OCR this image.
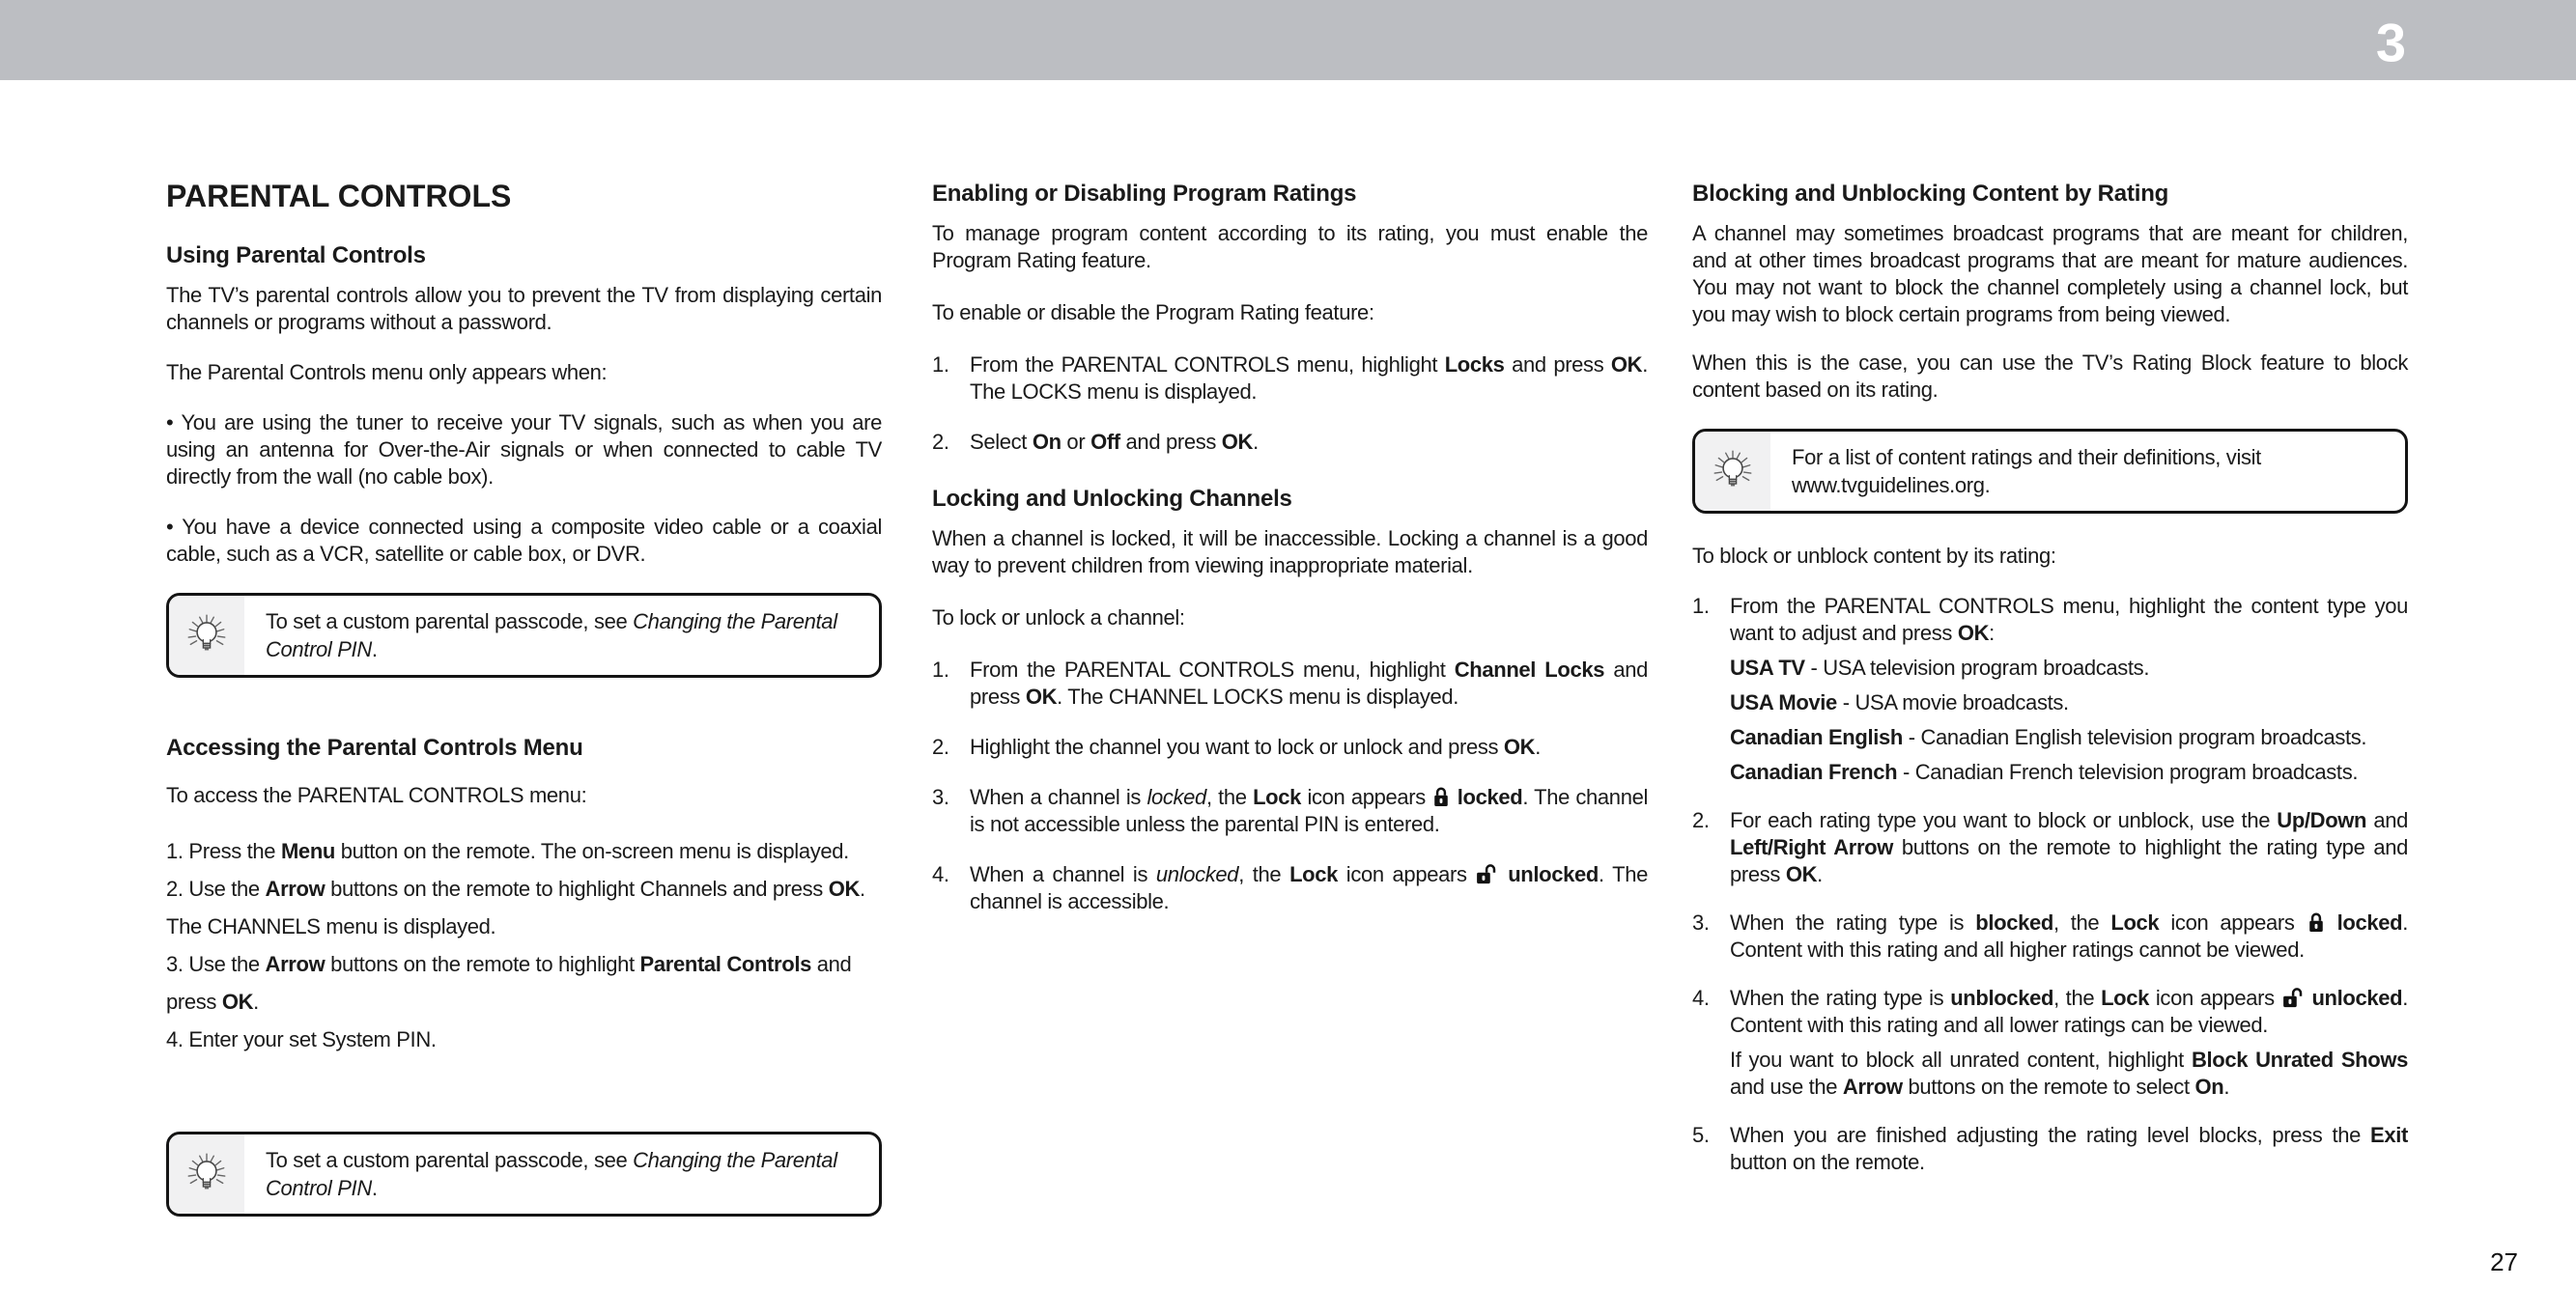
3
PARENTAL CONTROLS
Using Parental Controls

The TV’s parental controls allow you to prevent the TV from displaying certain channels or programs without a password.

The Parental Controls menu only appears when:

• You are using the tuner to receive your TV signals, such as when you are using an antenna for Over-the-Air signals or when connected to cable TV directly from the wall (no cable box).

• You have a device connected using a composite video cable or a coaxial cable, such as a VCR, satellite or cable box, or DVR.

To set a custom parental passcode, see Changing the Parental Control PIN.

Accessing the Parental Controls Menu

To access the PARENTAL CONTROLS menu:

1. Press the Menu button on the remote. The on-screen menu is displayed.

2. Use the Arrow buttons on the remote to highlight Channels and press OK. The CHANNELS menu is displayed.

3. Use the Arrow buttons on the remote to highlight Parental Controls and press OK.

4. Enter your set System PIN.

To set a custom parental passcode, see Changing the Parental Control PIN.

Enabling or Disabling Program Ratings

To manage program content according to its rating, you must enable the Program Rating feature.

To enable or disable the Program Rating feature:

1. From the PARENTAL CONTROLS menu, highlight Locks and press OK. The LOCKS menu is displayed.

2. Select On or Off and press OK.

Locking and Unlocking Channels

When a channel is locked, it will be inaccessible. Locking a channel is a good way to prevent children from viewing inappropriate material.

To lock or unlock a channel:

1. From the PARENTAL CONTROLS menu, highlight Channel Locks and press OK. The CHANNEL LOCKS menu is displayed.

2. Highlight the channel you want to lock or unlock and press OK.

3. When a channel is locked, the Lock icon appears  locked. The channel is not accessible unless the parental PIN is entered.

4. When a channel is unlocked, the Lock icon appears  unlocked. The channel is accessible.

Blocking and Unblocking Content by Rating

A channel may sometimes broadcast programs that are meant for children, and at other times broadcast programs that are meant for mature audiences. You may not want to block the channel completely using a channel lock, but you may wish to block certain programs from being viewed.

When this is the case, you can use the TV’s Rating Block feature to block content based on its rating.

For a list of content ratings and their definitions, visit www.tvguidelines.org.

To block or unblock content by its rating:

1. From the PARENTAL CONTROLS menu, highlight the content type you want to adjust and press OK:

USA TV - USA television program broadcasts.

USA Movie - USA movie broadcasts.

Canadian English - Canadian English television program broadcasts.

Canadian French - Canadian French television program broadcasts.

2. For each rating type you want to block or unblock, use the Up/Down and Left/Right Arrow buttons on the remote to highlight the rating type and press OK.

3. When the rating type is blocked, the Lock icon appears  locked. Content with this rating and all higher ratings cannot be viewed.

4. When the rating type is unblocked, the Lock icon appears  unlocked. Content with this rating and all lower ratings can be viewed.

If you want to block all unrated content, highlight Block Unrated Shows and use the Arrow buttons on the remote to select On.

5. When you are finished adjusting the rating level blocks, press the Exit button on the remote.

27
